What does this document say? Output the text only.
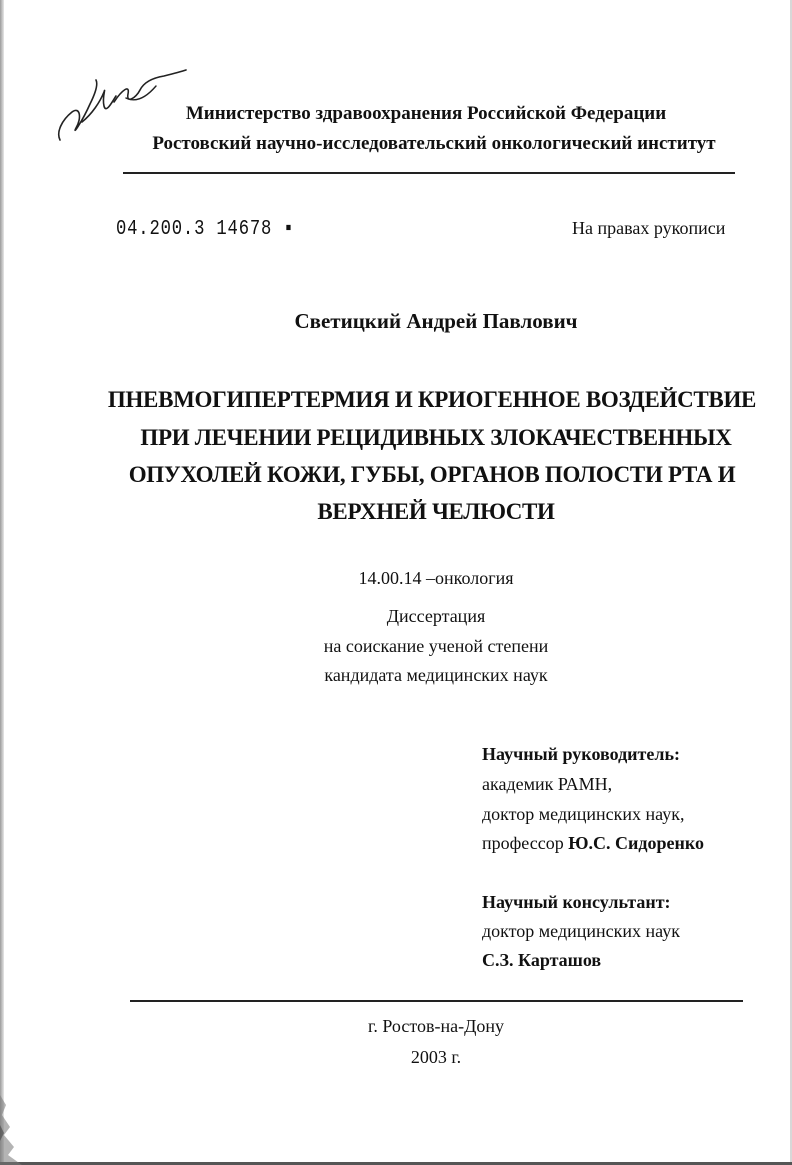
Министерство здравоохранения Российской Федерации
Ростовский научно-исследовательский онкологический институт
04.200.3 14678 ▪	На правах рукописи
Светицкий Андрей Павлович
ПНЕВМОГИПЕРТЕРМИЯ И КРИОГЕННОЕ ВОЗДЕЙСТВИЕ
ПРИ ЛЕЧЕНИИ РЕЦИДИВНЫХ ЗЛОКАЧЕСТВЕННЫХ
ОПУХОЛЕЙ КОЖИ, ГУБЫ, ОРГАНОВ ПОЛОСТИ РТА И
ВЕРХНЕЙ ЧЕЛЮСТИ
14.00.14 –онкология
Диссертация
на соискание ученой степени
кандидата медицинских наук
Научный руководитель:
академик РАМН,
доктор медицинских наук,
профессор Ю.С. Сидоренко
Научный консультант:
доктор медицинских наук
С.З. Карташов
г. Ростов-на-Дону
2003 г.
